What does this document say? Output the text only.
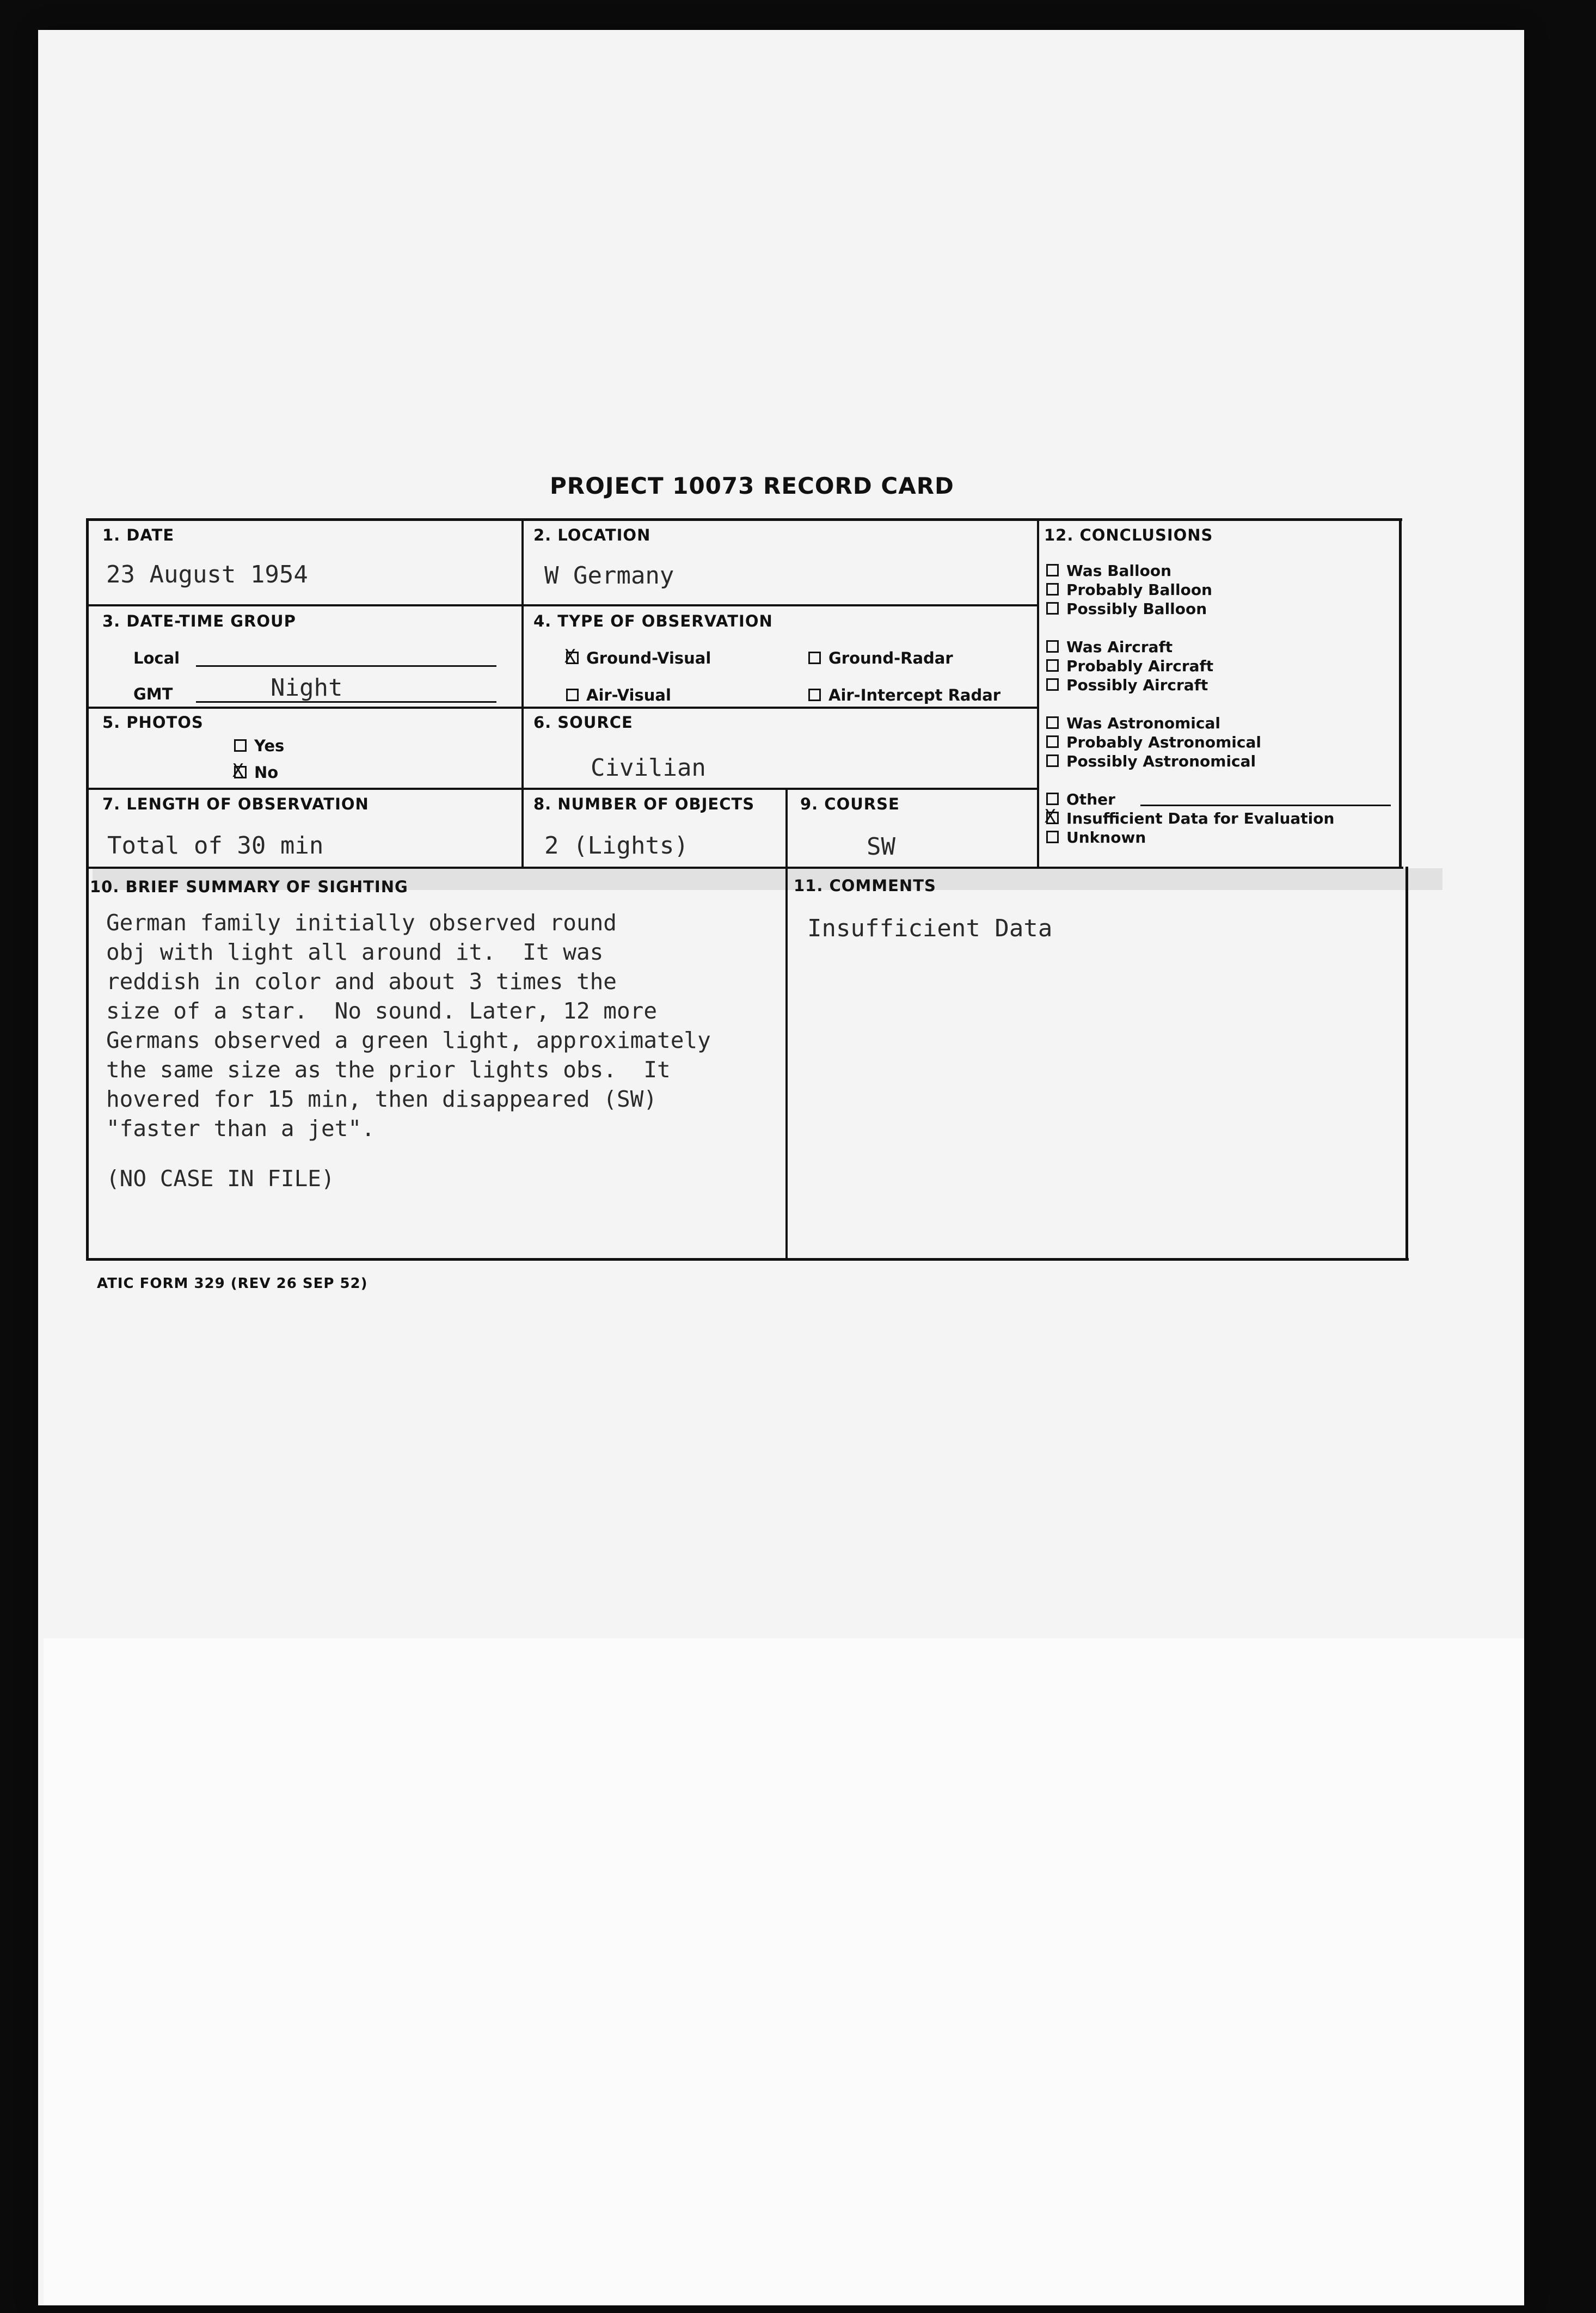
PROJECT 10073 RECORD CARD
1. DATE
23 August 1954
2. LOCATION
W Germany
3. DATE-TIME GROUP
Local
GMT	Night
4. TYPE OF OBSERVATION
XGround-Visual	Ground-Radar
Air-Visual	Air-Intercept Radar
5. PHOTOS
Yes
XNo
6. SOURCE
Civilian
7. LENGTH OF OBSERVATION
Total of 30 min
8. NUMBER OF OBJECTS
2 (Lights)
9. COURSE
SW
10. BRIEF SUMMARY OF SIGHTING

German family initially observed round

obj with light all around it.  It was

reddish in color and about 3 times the

size of a star.  No sound. Later, 12 more

Germans observed a green light, approximately

the same size as the prior lights obs.  It

hovered for 15 min, then disappeared (SW)

"faster than a jet".

(NO CASE IN FILE)

11. COMMENTS
Insufficient Data
12. CONCLUSIONS
Was Balloon
Probably Balloon
Possibly Balloon
Was Aircraft
Probably Aircraft
Possibly Aircraft
Was Astronomical
Probably Astronomical
Possibly Astronomical
Other
XInsufficient Data for Evaluation
Unknown
ATIC FORM 329 (REV 26 SEP 52)
